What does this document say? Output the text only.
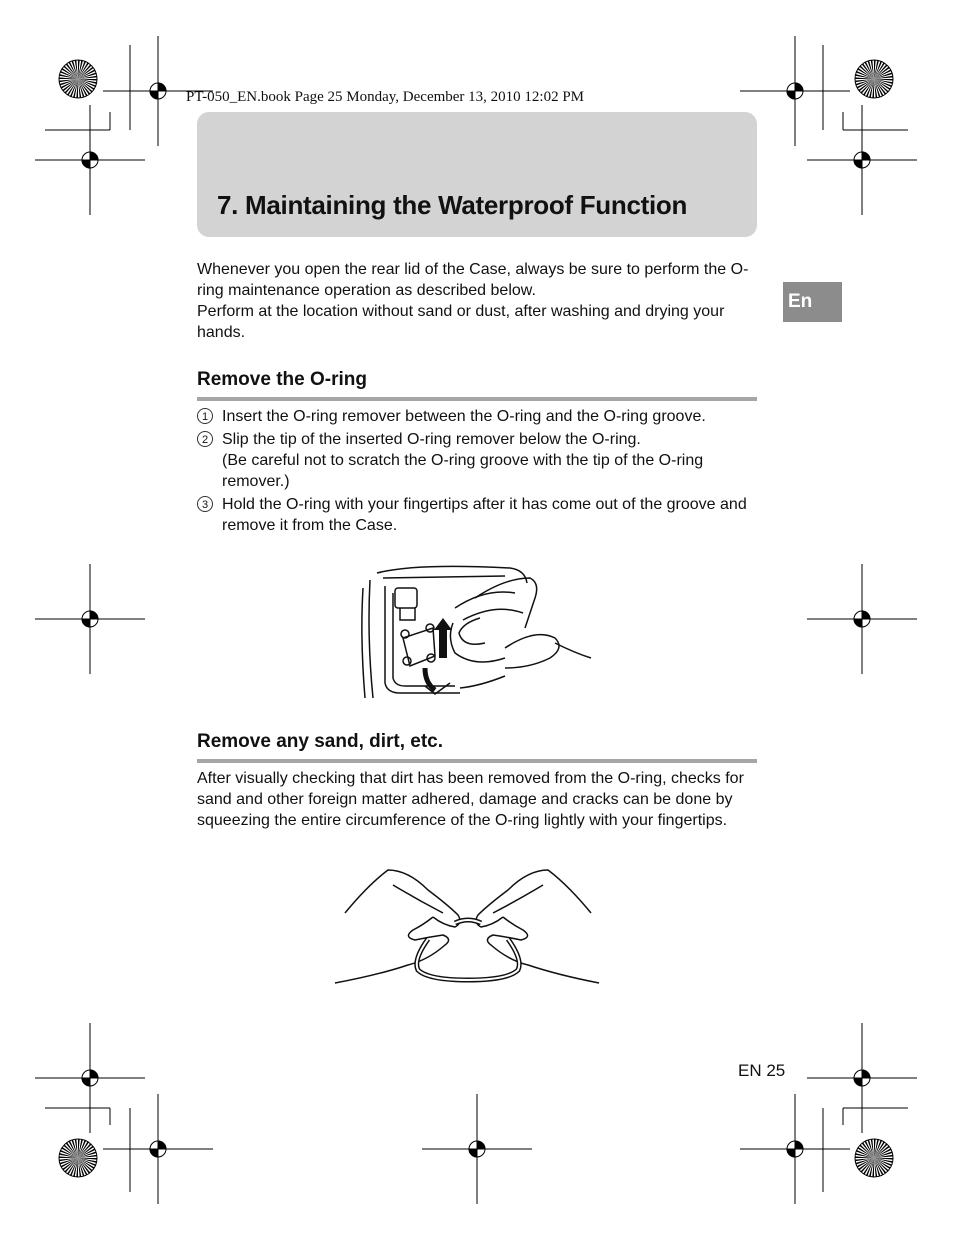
PT-050_EN.book Page 25 Monday, December 13, 2010 12:02 PM
7. Maintaining the Waterproof Function
En

Whenever you open the rear lid of the Case, always be sure to perform the O-ring maintenance operation as described below.

Perform at the location without sand or dust, after washing and drying your hands.

Remove the O-ring
1 Insert the O-ring remover between the O-ring and the O-ring groove.
2 Slip the tip of the inserted O-ring remover below the O-ring.
(Be careful not to scratch the O-ring groove with the tip of the O-ring remover.)
3 Hold the O-ring with your fingertips after it has come out of the groove and remove it from the Case.
Remove any sand, dirt, etc.

After visually checking that dirt has been removed from the O-ring, checks for sand and other foreign matter adhered, damage and cracks can be done by squeezing the entire circumference of the O-ring lightly with your fingertips.

EN 25
